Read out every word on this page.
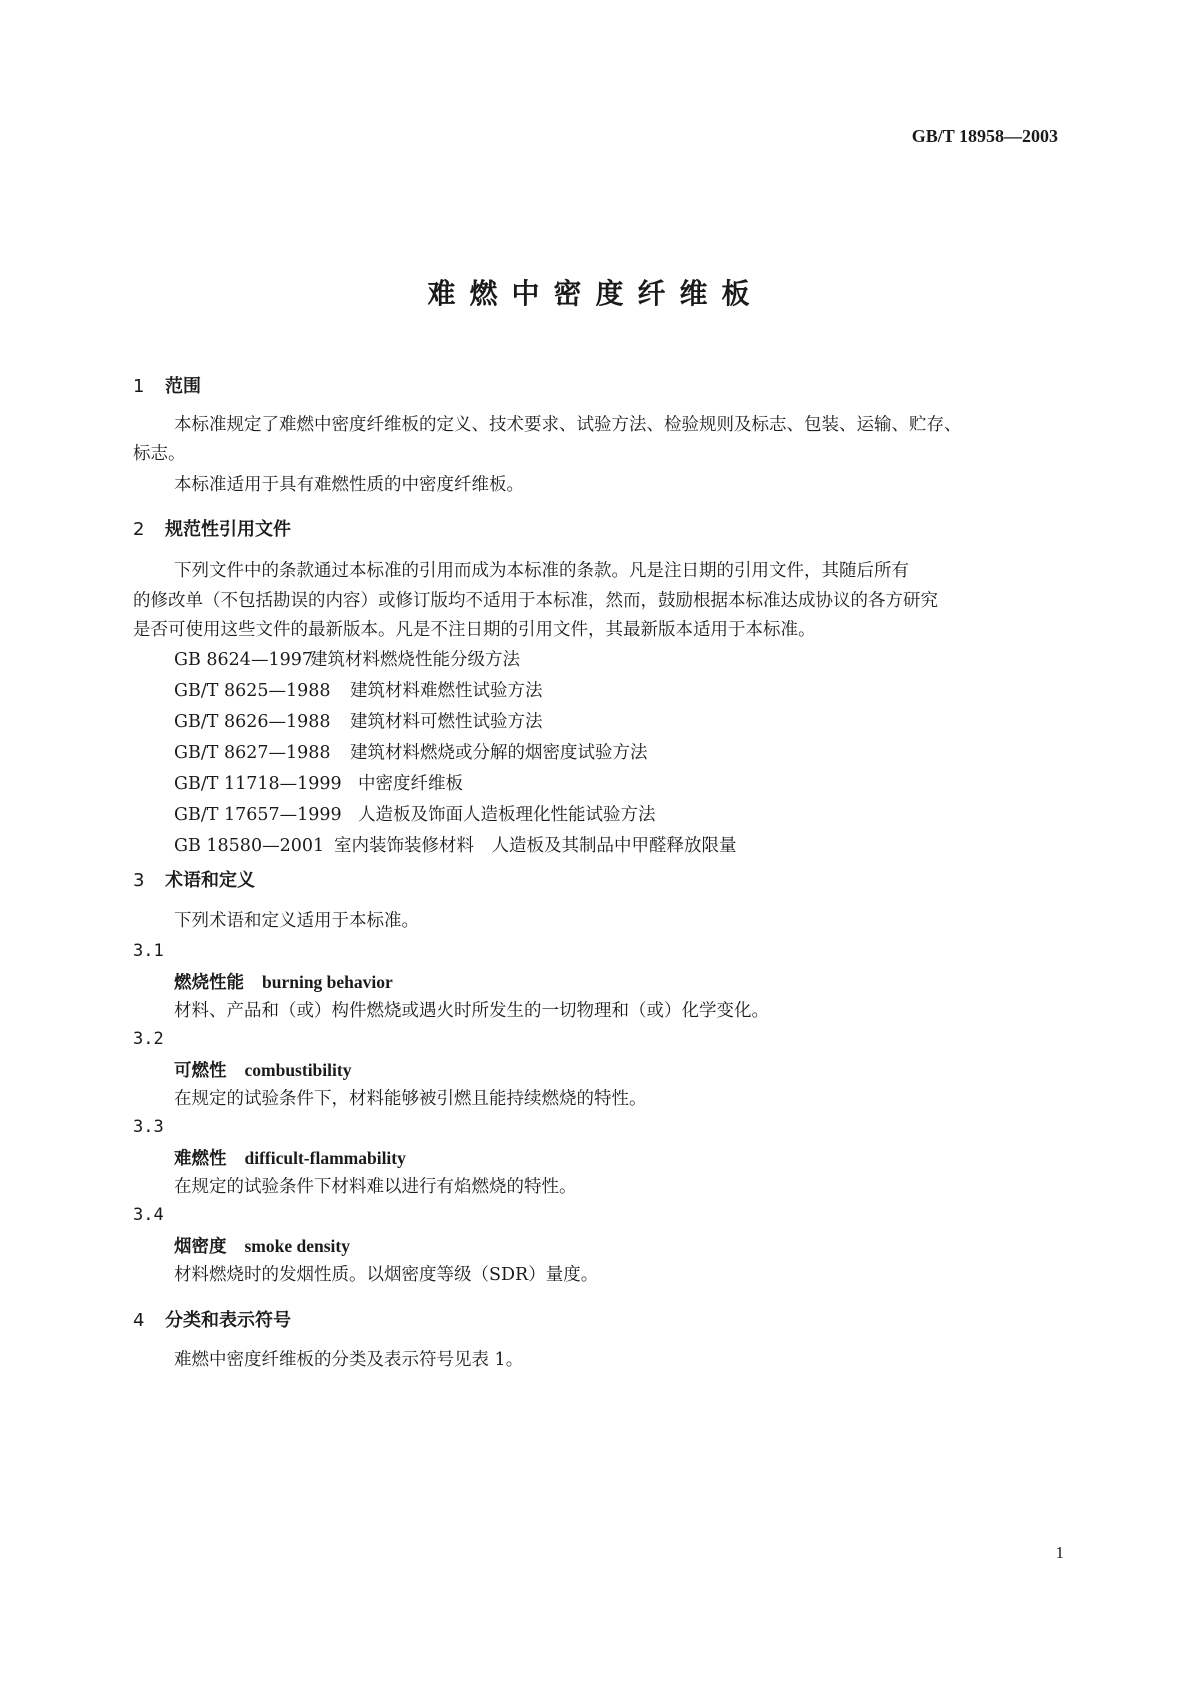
GB/T 18958—2003
难燃中密度纤维板
1 范围
本标准规定了难燃中密度纤维板的定义、技术要求、试验方法、检验规则及标志、包装、运输、贮存、
标志。
本标准适用于具有难燃性质的中密度纤维板。
2 规范性引用文件
下列文件中的条款通过本标准的引用而成为本标准的条款。凡是注日期的引用文件，其随后所有
的修改单（不包括勘误的内容）或修订版均不适用于本标准，然而，鼓励根据本标准达成协议的各方研究
是否可使用这些文件的最新版本。凡是不注日期的引用文件，其最新版本适用于本标准。
GB 8624—1997建筑材料燃烧性能分级方法
GB/T 8625—1988 建筑材料难燃性试验方法
GB/T 8626—1988 建筑材料可燃性试验方法
GB/T 8627—1988 建筑材料燃烧或分解的烟密度试验方法
GB/T 11718—1999 中密度纤维板
GB/T 17657—1999 人造板及饰面人造板理化性能试验方法
GB 18580—2001 室内装饰装修材料　人造板及其制品中甲醛释放限量
3 术语和定义
下列术语和定义适用于本标准。
3.1
燃烧性能 burning behavior
材料、产品和（或）构件燃烧或遇火时所发生的一切物理和（或）化学变化。
3.2
可燃性 combustibility
在规定的试验条件下，材料能够被引燃且能持续燃烧的特性。
3.3
难燃性 difficult-flammability
在规定的试验条件下材料难以进行有焰燃烧的特性。
3.4
烟密度 smoke density
材料燃烧时的发烟性质。以烟密度等级（SDR）量度。
4 分类和表示符号
难燃中密度纤维板的分类及表示符号见表 1。
1
